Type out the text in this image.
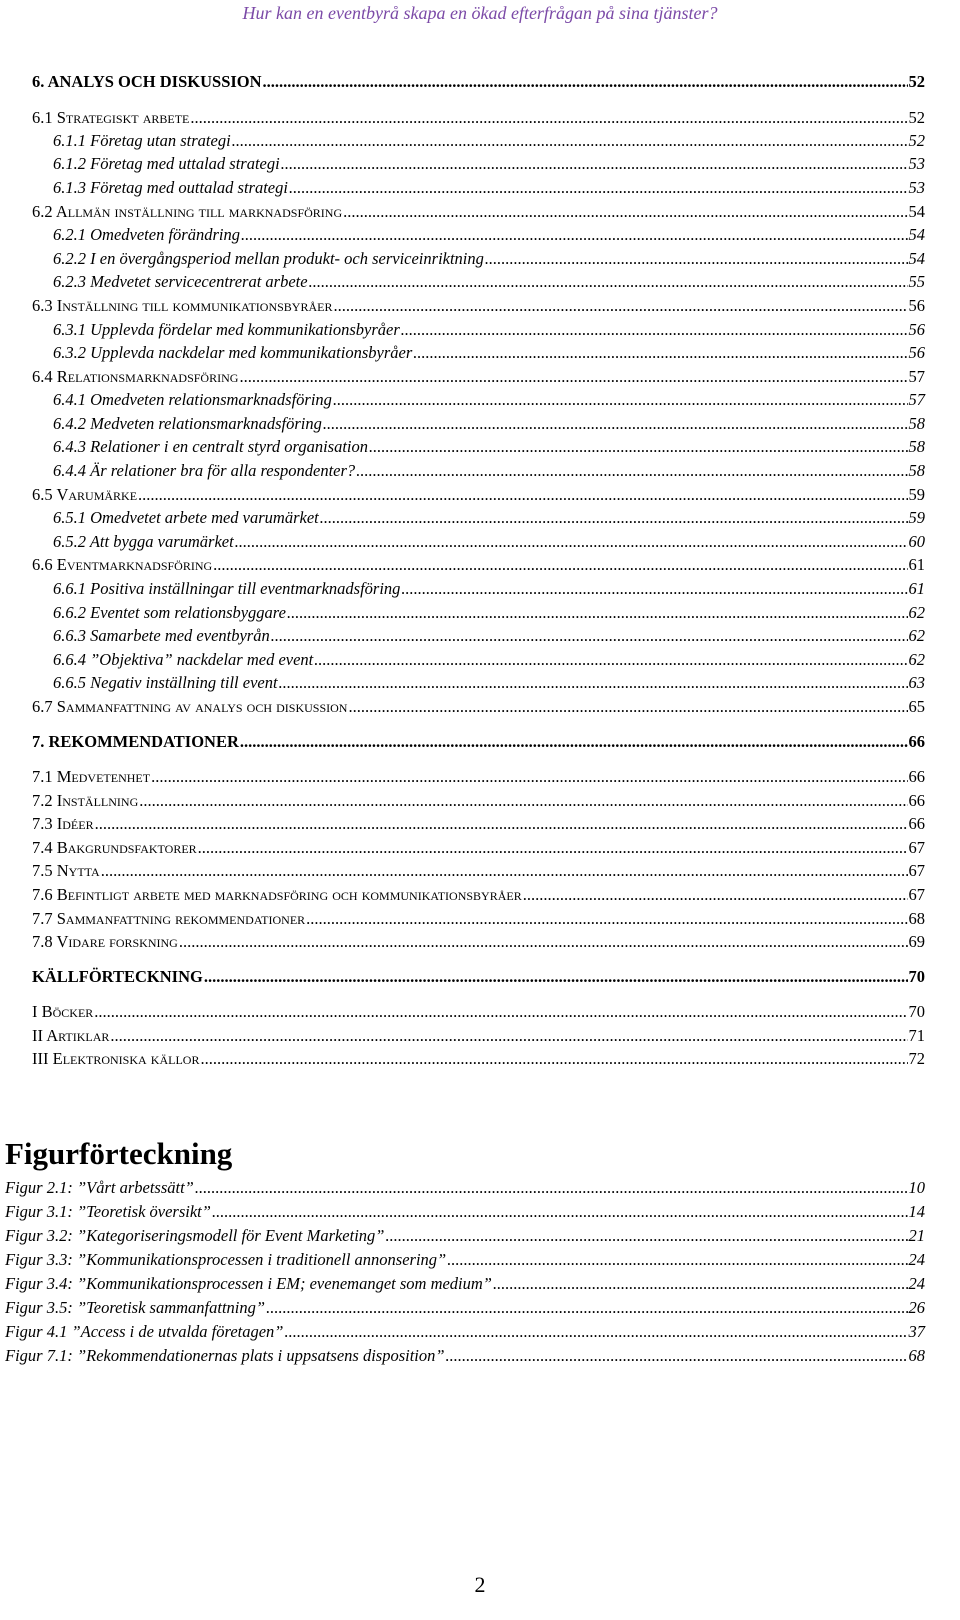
Hur kan en eventbyrå skapa en ökad efterfrågan på sina tjänster?
6. ANALYS OCH DISKUSSION .....	52
6.1 Strategiskt arbete .....	52
6.1.1 Företag utan strategi .....	52
6.1.2 Företag med uttalad strategi .....	53
6.1.3 Företag med outtalad strategi .....	53
6.2 Allmän inställning till marknadsföring .....	54
6.2.1 Omedveten förändring .....	54
6.2.2 I en övergångsperiod mellan produkt- och serviceinriktning .....	54
6.2.3 Medvetet servicecentrerat arbete .....	55
6.3 Inställning till kommunikationsbyråer .....	56
6.3.1 Upplevda fördelar med kommunikationsbyråer .....	56
6.3.2 Upplevda nackdelar med kommunikationsbyråer .....	56
6.4 Relationsmarknadsföring .....	57
6.4.1 Omedveten relationsmarknadsföring .....	57
6.4.2 Medveten relationsmarknadsföring .....	58
6.4.3 Relationer i en centralt styrd organisation .....	58
6.4.4 Är relationer bra för alla respondenter? .....	58
6.5 Varumärke .....	59
6.5.1 Omedvetet arbete med varumärket .....	59
6.5.2 Att bygga varumärket .....	60
6.6 Eventmarknadsföring .....	61
6.6.1 Positiva inställningar till eventmarknadsföring .....	61
6.6.2 Eventet som relationsbyggare .....	62
6.6.3 Samarbete med eventbyrån .....	62
6.6.4 ”Objektiva” nackdelar med event .....	62
6.6.5 Negativ inställning till event .....	63
6.7 Sammanfattning av analys och diskussion .....	65
7. REKOMMENDATIONER .....	66
7.1 Medvetenhet .....	66
7.2 Inställning .....	66
7.3 Idéer .....	66
7.4 Bakgrundsfaktorer .....	67
7.5 Nytta .....	67
7.6 Befintligt arbete med marknadsföring och kommunikationsbyråer .....	67
7.7 Sammanfattning rekommendationer .....	68
7.8 Vidare forskning .....	69
KÄLLFÖRTECKNING .....	70
I Böcker .....	70
II Artiklar .....	71
III Elektroniska källor .....	72
Figurförteckning
Figur 2.1: ”Vårt arbetssätt” .....	10
Figur 3.1: ”Teoretisk översikt” .....	14
Figur 3.2: ”Kategoriseringsmodell för Event Marketing” .....	21
Figur 3.3: ”Kommunikationsprocessen i traditionell annonsering” .....	24
Figur 3.4: ”Kommunikationsprocessen i EM; evenemanget som medium” .....	24
Figur 3.5: ”Teoretisk sammanfattning” .....	26
Figur 4.1 ”Access i de utvalda företagen” .....	37
Figur 7.1: ”Rekommendationernas plats i uppsatsens disposition” .....	68
2
